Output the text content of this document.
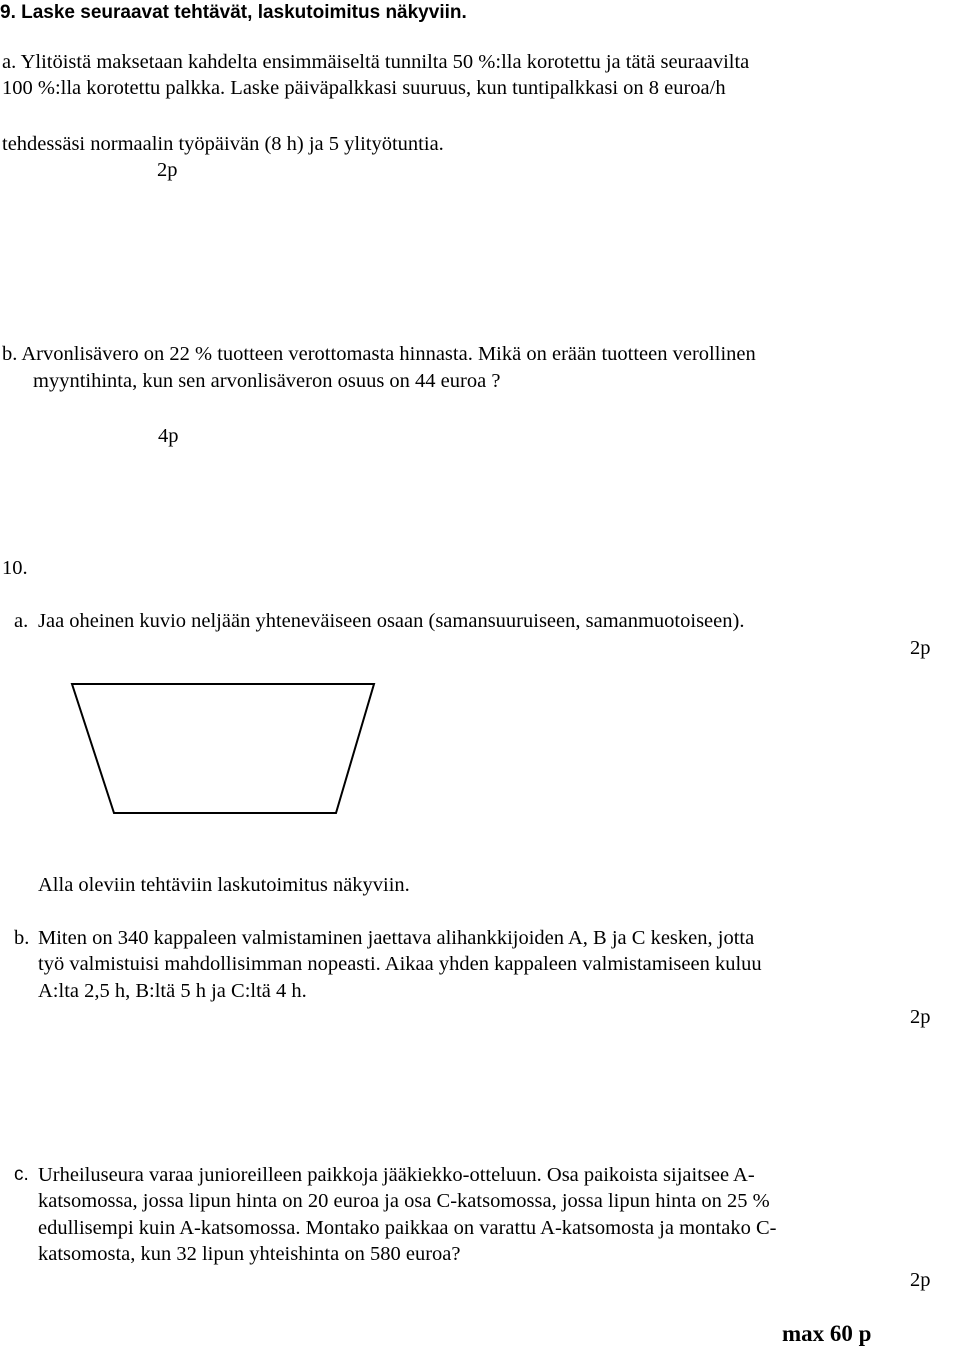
9. Laske seuraavat tehtävät, laskutoimitus näkyviin.

a. Ylitöistä maksetaan kahdelta ensimmäiseltä tunnilta 50 %:lla korotettu ja tätä seuraavilta

100 %:lla korotettu palkka. Laske päiväpalkkasi suuruus, kun tuntipalkkasi on 8 euroa/h

tehdessäsi normaalin työpäivän (8 h) ja 5 ylityötuntia.

2p

b. Arvonlisävero on 22 % tuotteen verottomasta hinnasta. Mikä on erään tuotteen verollinen

myyntihinta, kun sen arvonlisäveron osuus on 44 euroa ?

4p

10.

a. Jaa oheinen kuvio neljään yhteneväiseen osaan (samansuuruiseen, samanmuotoiseen).

2p

Alla oleviin tehtäviin laskutoimitus näkyviin.

b. Miten on 340 kappaleen valmistaminen jaettava alihankkijoiden A, B ja C kesken, jotta

työ valmistuisi mahdollisimman nopeasti. Aikaa yhden kappaleen valmistamiseen kuluu

A:lta 2,5 h, B:ltä 5 h ja C:ltä 4 h.

2p

c. Urheiluseura varaa junioreilleen paikkoja jääkiekko-otteluun. Osa paikoista sijaitsee A-

katsomossa, jossa lipun hinta on 20 euroa ja osa C-katsomossa, jossa lipun hinta on 25 %

edullisempi kuin A-katsomossa. Montako paikkaa on varattu A-katsomosta ja montako C-

katsomosta, kun 32 lipun yhteishinta on 580 euroa?

2p

max 60 p
